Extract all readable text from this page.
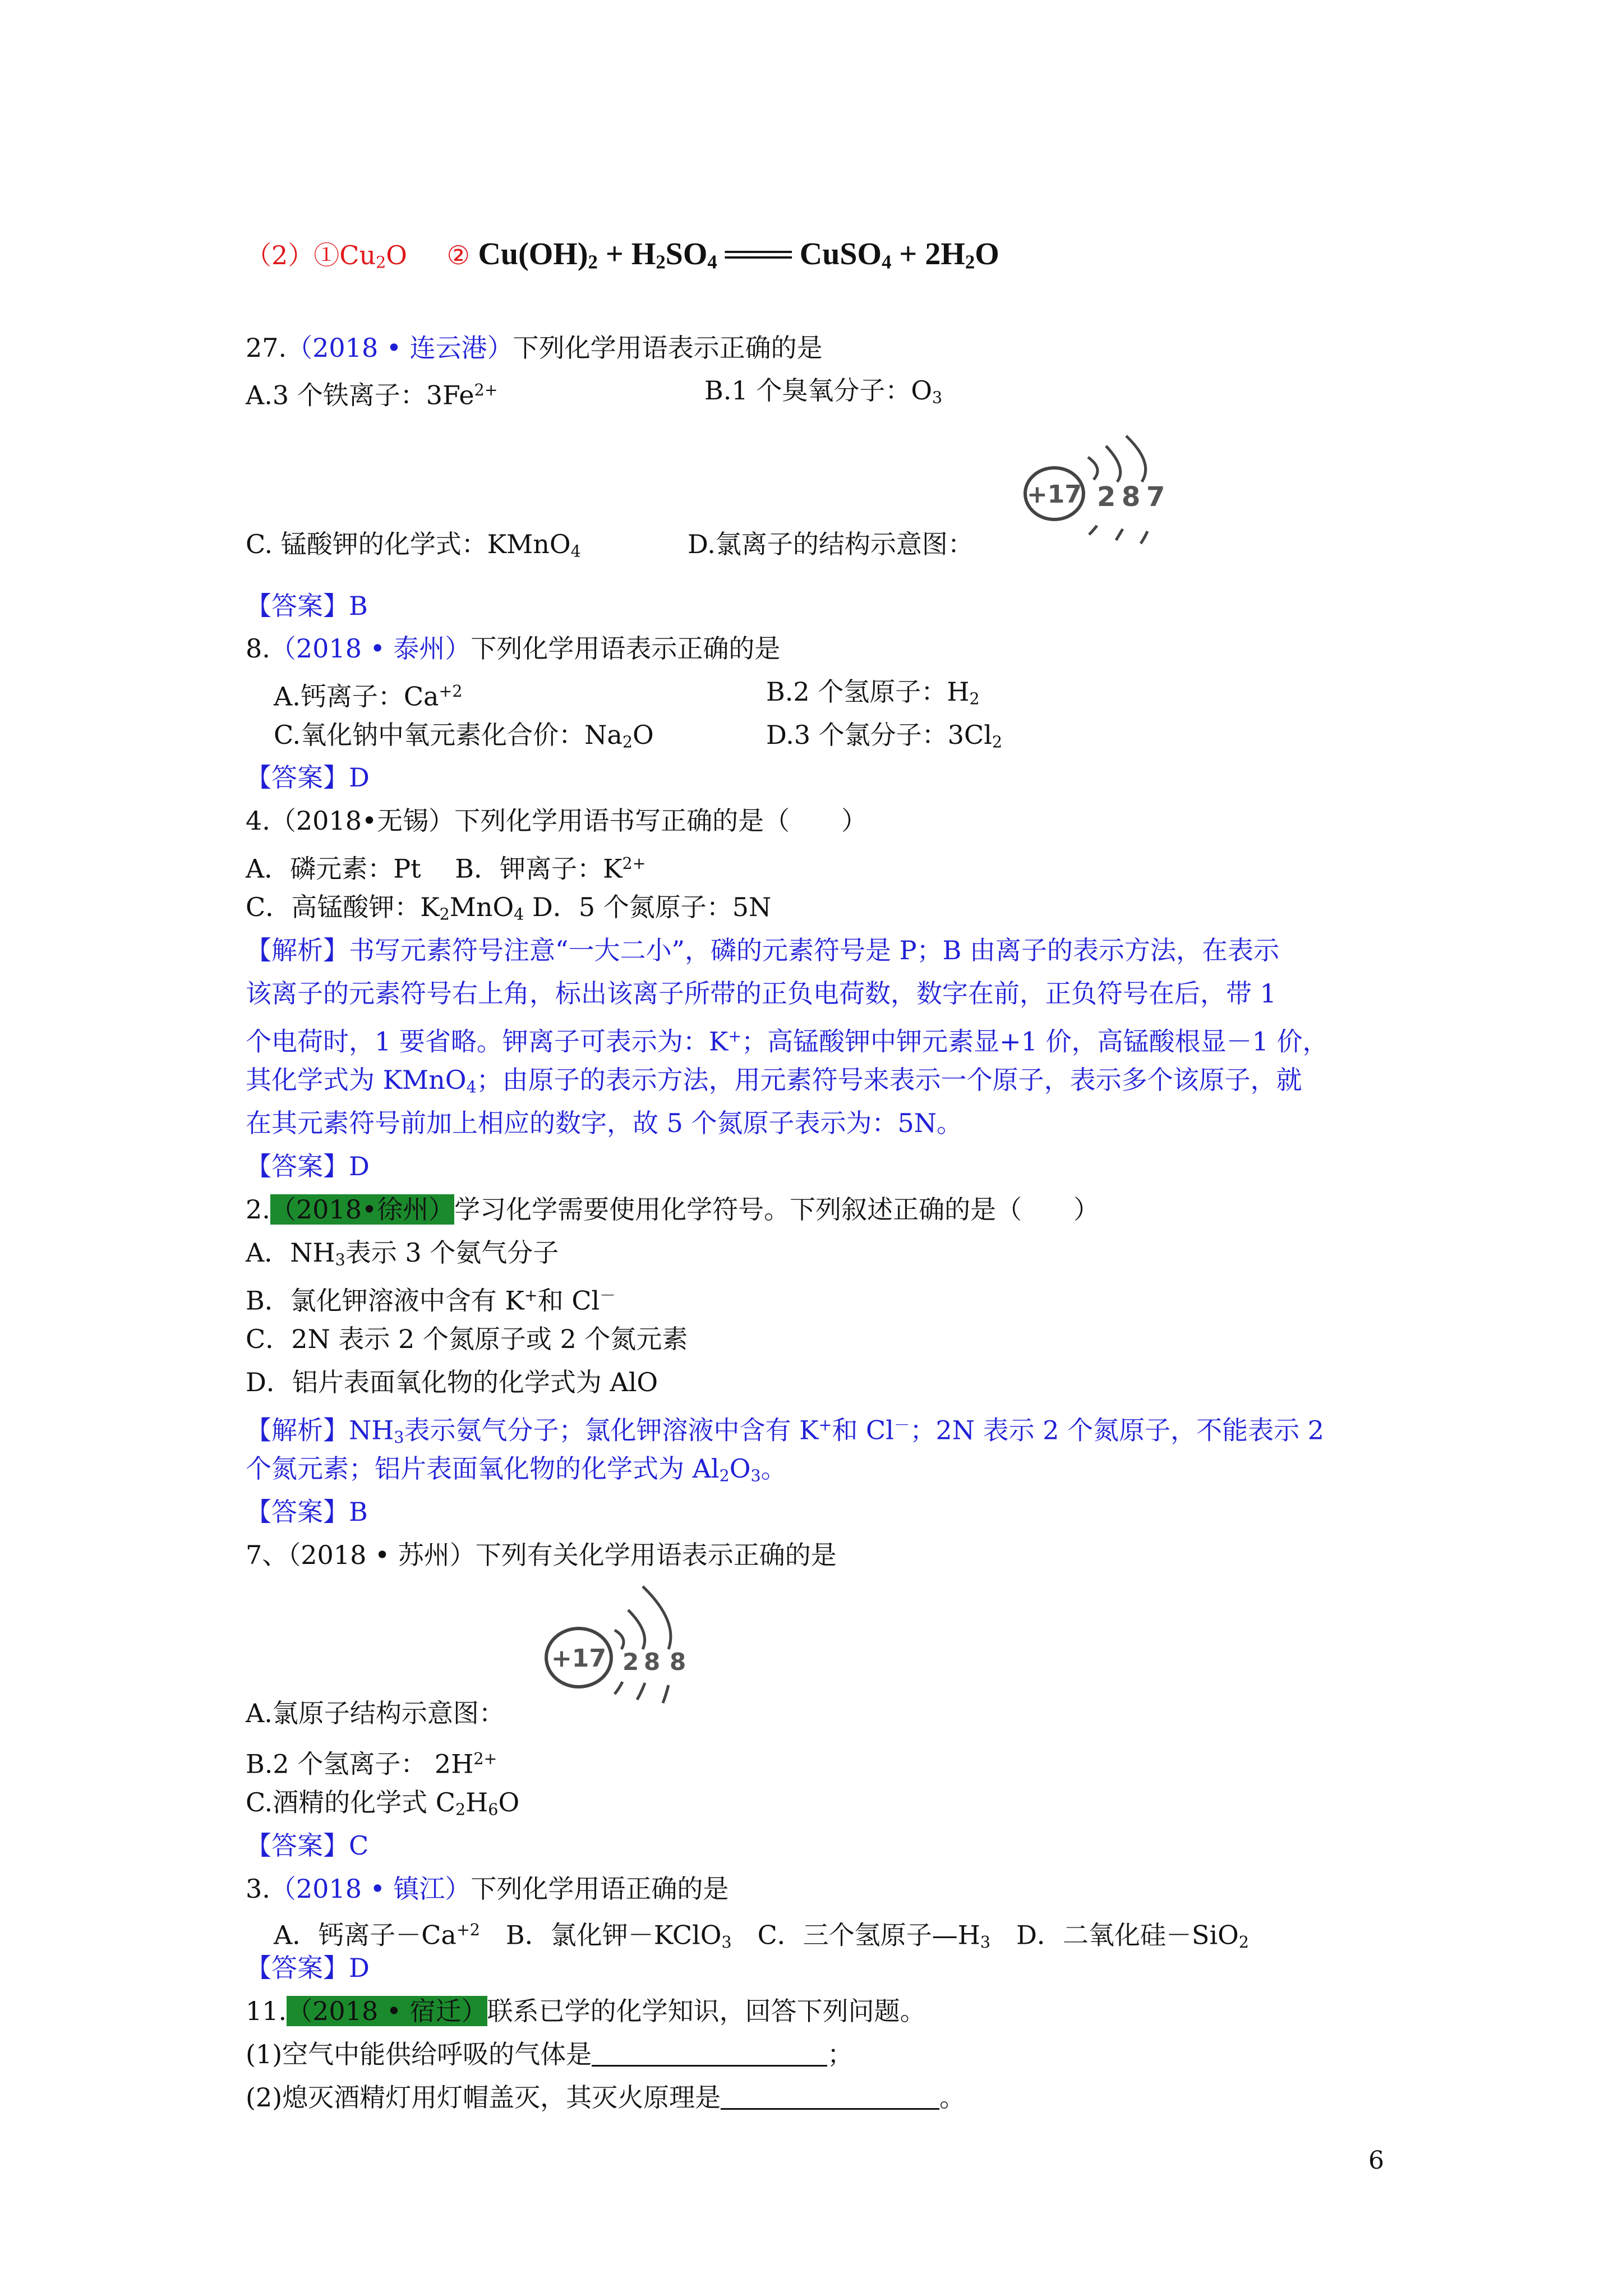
$(2)①Cu_2O$ ② $Cu(OH)_2 + H_2SO_4$ ═══ CuSO$_4$ + $2H_2O$
27.（2018 • 连云港）下列化学用语表示正确的是
A.3 个铁离子：$3Fe^{2+}$	B.1 个臭氧分子：$O_3$
C. 锰酸钾的化学式：KMnO$_4$	D.氯离子的结构示意图：
+17 2 8 7
【答案】B
8.（2018 • 泰州）下列化学用语表示正确的是
A.钙离子：$Ca^{+2}$	B.2 个氢原子：$H_2$
C.氧化钠中氧元素化合价：$Na_2O$	D.3 个氯分子：$3Cl_2$
【答案】D
4.（2018•无锡）下列化学用语书写正确的是（　　）
A．磷元素：Pt　 B．钾离子：$K^{2+}$
C．高锰酸钾：$K_2MnO_4$ D．5 个氮原子：5N
【解析】书写元素符号注意“一大二小”，磷的元素符号是 P；B 由离子的表示方法，在表示
该离子的元素符号右上角，标出该离子所带的正负电荷数，数字在前，正负符号在后，带 1
个电荷时，1 要省略。钾离子可表示为：K+；高锰酸钾中钾元素显+1 价，高锰酸根显－1 价，
其化学式为 KMnO$_4$；由原子的表示方法，用元素符号来表示一个原子，表示多个该原子，就
在其元素符号前加上相应的数字，故 5 个氮原子表示为：5N。
【答案】D
2.（2018•徐州）学习化学需要使用化学符号。下列叙述正确的是（　　）
A．$NH_3$表示 3 个氨气分子
B．氯化钾溶液中含有 K+和 Cl－
C．2N 表示 2 个氮原子或 2 个氮元素
D．铝片表面氧化物的化学式为 AlO
【解析】$NH_3$表示氨气分子；氯化钾溶液中含有 K+和 Cl－；2N 表示 2 个氮原子，不能表示 2
个氮元素；铝片表面氧化物的化学式为 $Al_2O_3$。
【答案】B
7、（2018 • 苏州）下列有关化学用语表示正确的是
+17 2 8 8
A.氯原子结构示意图：
B.2 个氢离子： $2H^{2+}$
C.酒精的化学式 $C_2H_6O$
【答案】C
3.（2018 • 镇江）下列化学用语正确的是
A．钙离子$-Ca^{+2}$　B．氯化钾－KClO$_3$　C．三个氢原子$—H_3$　D．二氧化硅－SiO$_2$
【答案】D
11.（2018 • 宿迁）联系已学的化学知识，回答下列问题。
(1)空气中能供给呼吸的气体是	；
(2)熄灭酒精灯用灯帽盖灭，其灭火原理是	。
6
